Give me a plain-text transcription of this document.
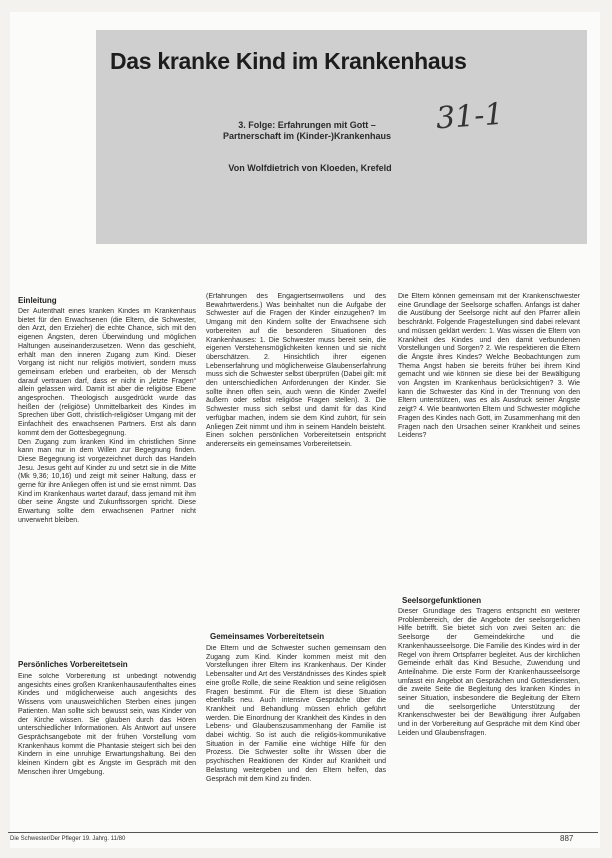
Das kranke Kind im Krankenhaus
3. Folge: Erfahrungen mit Gott – Partnerschaft im (Kinder-)Krankenhaus
Von Wolfdietrich von Kloeden, Krefeld
31-1
Einleitung

Der Aufenthalt eines kranken Kindes im Krankenhaus bietet für den Erwachsenen (die Eltern, die Schwester, den Arzt, den Erzieher) die echte Chance, sich mit den eigenen Ängsten, deren Überwindung und möglichen Haltungen auseinanderzusetzen. Wenn das geschieht, erhält man den inneren Zugang zum Kind. Dieser Vorgang ist nicht nur religiös motiviert, sondern muss gemeinsam erleben und erarbeiten, ob der Mensch darauf vertrauen darf, dass er nicht in „letzte Fragen“ allein gelassen wird. Damit ist aber die religiöse Ebene angesprochen. Theologisch ausgedrückt wurde das heißen der (religiöse) Unmittelbarkeit des Kindes im Sprechen über Gott, christlich-religiöser Umgang mit der Einfachheit des erwachsenen Partners. Erst als dann kommt dem der Gottesbegegnung.

Den Zugang zum kranken Kind im christlichen Sinne kann man nur in dem Willen zur Begegnung finden. Diese Begegnung ist vorgezeichnet durch das Handeln Jesu. Jesus geht auf Kinder zu und setzt sie in die Mitte (Mk 9,36; 10,16) und zeigt mit seiner Haltung, dass er gerne für ihre Anliegen offen ist und sie ernst nimmt. Das Kind im Krankenhaus wartet darauf, dass jemand mit ihm über seine Ängste und Zukunftssorgen spricht. Diese Erwartung sollte dem erwachsenen Partner nicht unverwehrt bleiben.

Persönliches Vorbereitetsein

Eine solche Vorbereitung ist unbedingt notwendig angesichts eines großen Krankenhausaufenthaltes eines Kindes und möglicherweise auch angesichts des Wissens vom unausweichlichen Sterben eines jungen Patienten. Man sollte sich bewusst sein, was Kinder von der Kirche wissen. Sie glauben durch das Hören unterschiedlicher Informationen. Als Antwort auf unsere Gesprächsangebote mit der frühen Vorstellung vom Krankenhaus kommt die Phantasie steigert sich bei den Kindern in eine unruhige Erwartungshaltung. Bei den kleinen Kindern gibt es Ängste im Gespräch mit den Menschen ihrer Umgebung.

(Erfahrungen des Engagiertseinwollens und des Bewahrtwerdens.) Was beinhaltet nun die Aufgabe der Schwester auf die Fragen der Kinder einzugehen? Im Umgang mit den Kindern sollte der Erwachsene sich vorbereiten auf die besonderen Situationen des Krankenhauses: 1. Die Schwester muss bereit sein, die eigenen Verstehensmöglichkeiten kennen und sie nicht überschätzen. 2. Hinsichtlich ihrer eigenen Lebenserfahrung und möglicherweise Glaubenserfahrung muss sich die Schwester selbst überprüfen (Dabei gilt: mit den unterschiedlichen Anforderungen der Kinder. Sie sollte ihnen offen sein, auch wenn die Kinder Zweifel äußern oder selbst religiöse Fragen stellen). 3. Die Schwester muss sich selbst und damit für das Kind verfügbar machen, indem sie dem Kind zuhört, für sein Anliegen Zeit nimmt und ihm in seinem Handeln beisteht. Einen solchen persönlichen Vorbereitetsein entspricht andererseits ein gemeinsames Vorbereitetsein.

Gemeinsames Vorbereitetsein

Die Eltern und die Schwester suchen gemeinsam den Zugang zum Kind. Kinder kommen meist mit den Vorstellungen ihrer Eltern ins Krankenhaus. Der Kinder Lebensalter und Art des Verständnisses des Kindes spielt eine große Rolle, die seine Reaktion und seine religiösen Fragen bestimmt. Für die Eltern ist diese Situation ebenfalls neu. Auch intensive Gespräche über die Krankheit und Behandlung müssen ehrlich geführt werden. Die Einordnung der Krankheit des Kindes in den Lebens- und Glaubenszusammenhang der Familie ist dabei wichtig. So ist auch die religiös-kommunikative Situation in der Familie eine wichtige Hilfe für den Prozess. Die Schwester sollte ihr Wissen über die psychischen Reaktionen der Kinder auf Krankheit und Belastung weitergeben und den Eltern helfen, das Gespräch mit dem Kind zu finden.

Die Eltern können gemeinsam mit der Krankenschwester eine Grundlage der Seelsorge schaffen. Anfangs ist daher die Ausübung der Seelsorge nicht auf den Pfarrer allein beschränkt. Folgende Fragestellungen sind dabei relevant und müssen geklärt werden: 1. Was wissen die Eltern von Krankheit des Kindes und den damit verbundenen Vorstellungen und Sorgen? 2. Wie respektieren die Eltern die Ängste ihres Kindes? Welche Beobachtungen zum Thema Angst haben sie bereits früher bei ihrem Kind gemacht und wie können sie diese bei der Bewältigung von Ängsten im Krankenhaus berücksichtigen? 3. Wie kann die Schwester das Kind in der Trennung von den Eltern unterstützen, was es als Ausdruck seiner Ängste zeigt? 4. Wie beantworten Eltern und Schwester mögliche Fragen des Kindes nach Gott, im Zusammenhang mit den Fragen nach den Ursachen seiner Krankheit und seines Leidens?

Seelsorgefunktionen

Dieser Grundlage des Tragens entspricht ein weiterer Problembereich, der die Angebote der seelsorgerlichen Hilfe betrifft. Sie bietet sich von zwei Seiten an: die Seelsorge der Gemeindekirche und die Krankenhausseelsorge. Die Familie des Kindes wird in der Regel von ihrem Ortspfarrer begleitet. Aus der kirchlichen Gemeinde erhält das Kind Besuche, Zuwendung und Anteilnahme. Die erste Form der Krankenhausseelsorge umfasst ein Angebot an Gesprächen und Gottesdiensten, die zweite Seite die Begleitung des kranken Kindes in seiner Situation, insbesondere die Begleitung der Eltern und die seelsorgerliche Unterstützung der Krankenschwester bei der Bewältigung ihrer Aufgaben und in der Vorbereitung auf Gespräche mit dem Kind über Leiden und Glaubensfragen.

Die Schwester/Der Pfleger 19. Jahrg. 11/80	887
